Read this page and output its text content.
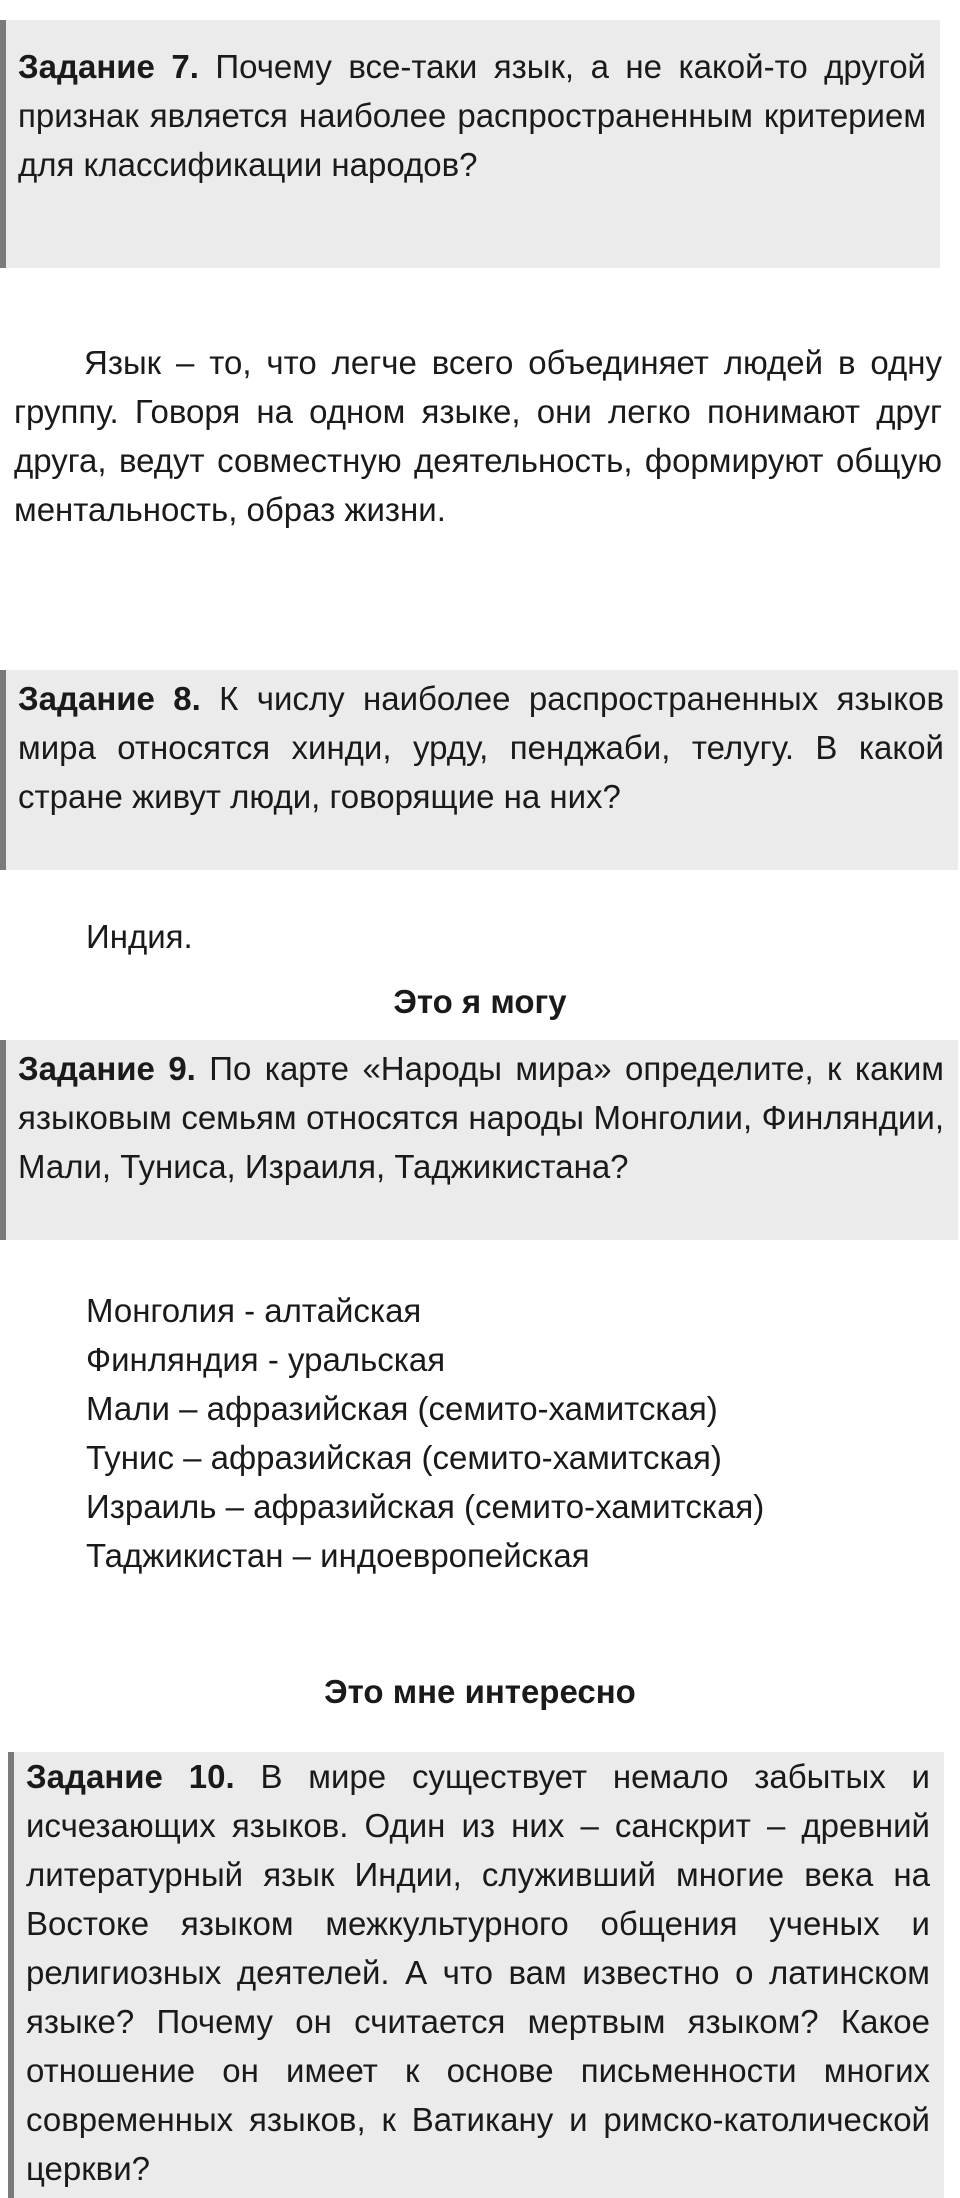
Задание 7. Почему все-таки язык, а не какой-то другой признак является наиболее распространенным критерием для классификации народов?
Язык – то, что легче всего объединяет людей в одну группу. Говоря на одном языке, они легко понимают друг друга, ведут совместную деятельность, формируют общую ментальность, образ жизни.
Задание 8. К числу наиболее распространенных языков мира относятся хинди, урду, пенджаби, телугу. В какой стране живут люди, говорящие на них?
Индия.
Это я могу
Задание 9. По карте «Народы мира» определите, к каким языковым семьям относятся народы Монголии, Финляндии, Мали, Туниса, Израиля, Таджикистана?
Монголия - алтайская
Финляндия - уральская
Мали – афразийская (семито-хамитская)
Тунис – афразийская (семито-хамитская)
Израиль – афразийская (семито-хамитская)
Таджикистан – индоевропейская
Это мне интересно
Задание 10. В мире существует немало забытых и исчезающих языков. Один из них – санскрит – древний литературный язык Индии, служивший многие века на Востоке языком межкультурного общения ученых и религиозных деятелей. А что вам известно о латинском языке? Почему он считается мертвым языком? Какое отношение он имеет к основе письменности многих современных языков, к Ватикану и римско-католической церкви?
